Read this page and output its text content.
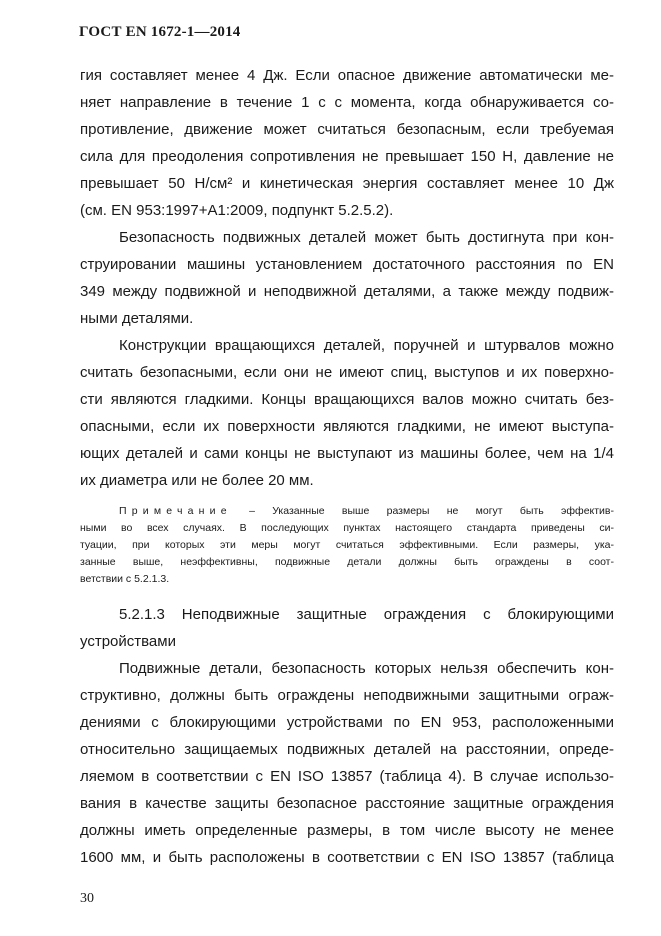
ГОСТ EN 1672-1—2014
гия составляет менее 4 Дж. Если опасное движение автоматически ме-
няет направление в течение 1 с с момента, когда обнаруживается со-
противление, движение может считаться безопасным, если требуемая
сила для преодоления сопротивления не превышает 150 Н, давление не
превышает 50 Н/см² и кинетическая энергия составляет менее 10 Дж
(см. EN 953:1997+A1:2009, подпункт 5.2.5.2).
Безопасность подвижных деталей может быть достигнута при кон-
струировании машины установлением достаточного расстояния по EN
349 между подвижной и неподвижной деталями, а также между подвиж-
ными деталями.
Конструкции вращающихся деталей, поручней и штурвалов можно
считать безопасными, если они не имеют спиц, выступов и их поверхно-
сти являются гладкими. Концы вращающихся валов можно считать без-
опасными, если их поверхности являются гладкими, не имеют выступа-
ющих деталей и сами концы не выступают из машины более, чем на 1/4
их диаметра или не более 20 мм.
Примечание – Указанные выше размеры не могут быть эффектив-
ными во всех случаях. В последующих пунктах настоящего стандарта приведены си-
туации, при которых эти меры могут считаться эффективными. Если размеры, ука-
занные выше, неэффективны, подвижные детали должны быть ограждены в соот-
ветствии с 5.2.1.3.
5.2.1.3 Неподвижные защитные ограждения с блокирующими
устройствами
Подвижные детали, безопасность которых нельзя обеспечить кон-
структивно, должны быть ограждены неподвижными защитными ограж-
дениями с блокирующими устройствами по EN 953, расположенными
относительно защищаемых подвижных деталей на расстоянии, опреде-
ляемом в соответствии с EN ISO 13857 (таблица 4). В случае использо-
вания в качестве защиты безопасное расстояние защитные ограждения
должны иметь определенные размеры, в том числе высоту не менее
1600 мм, и быть расположены в соответствии с EN ISO 13857 (таблица
30
